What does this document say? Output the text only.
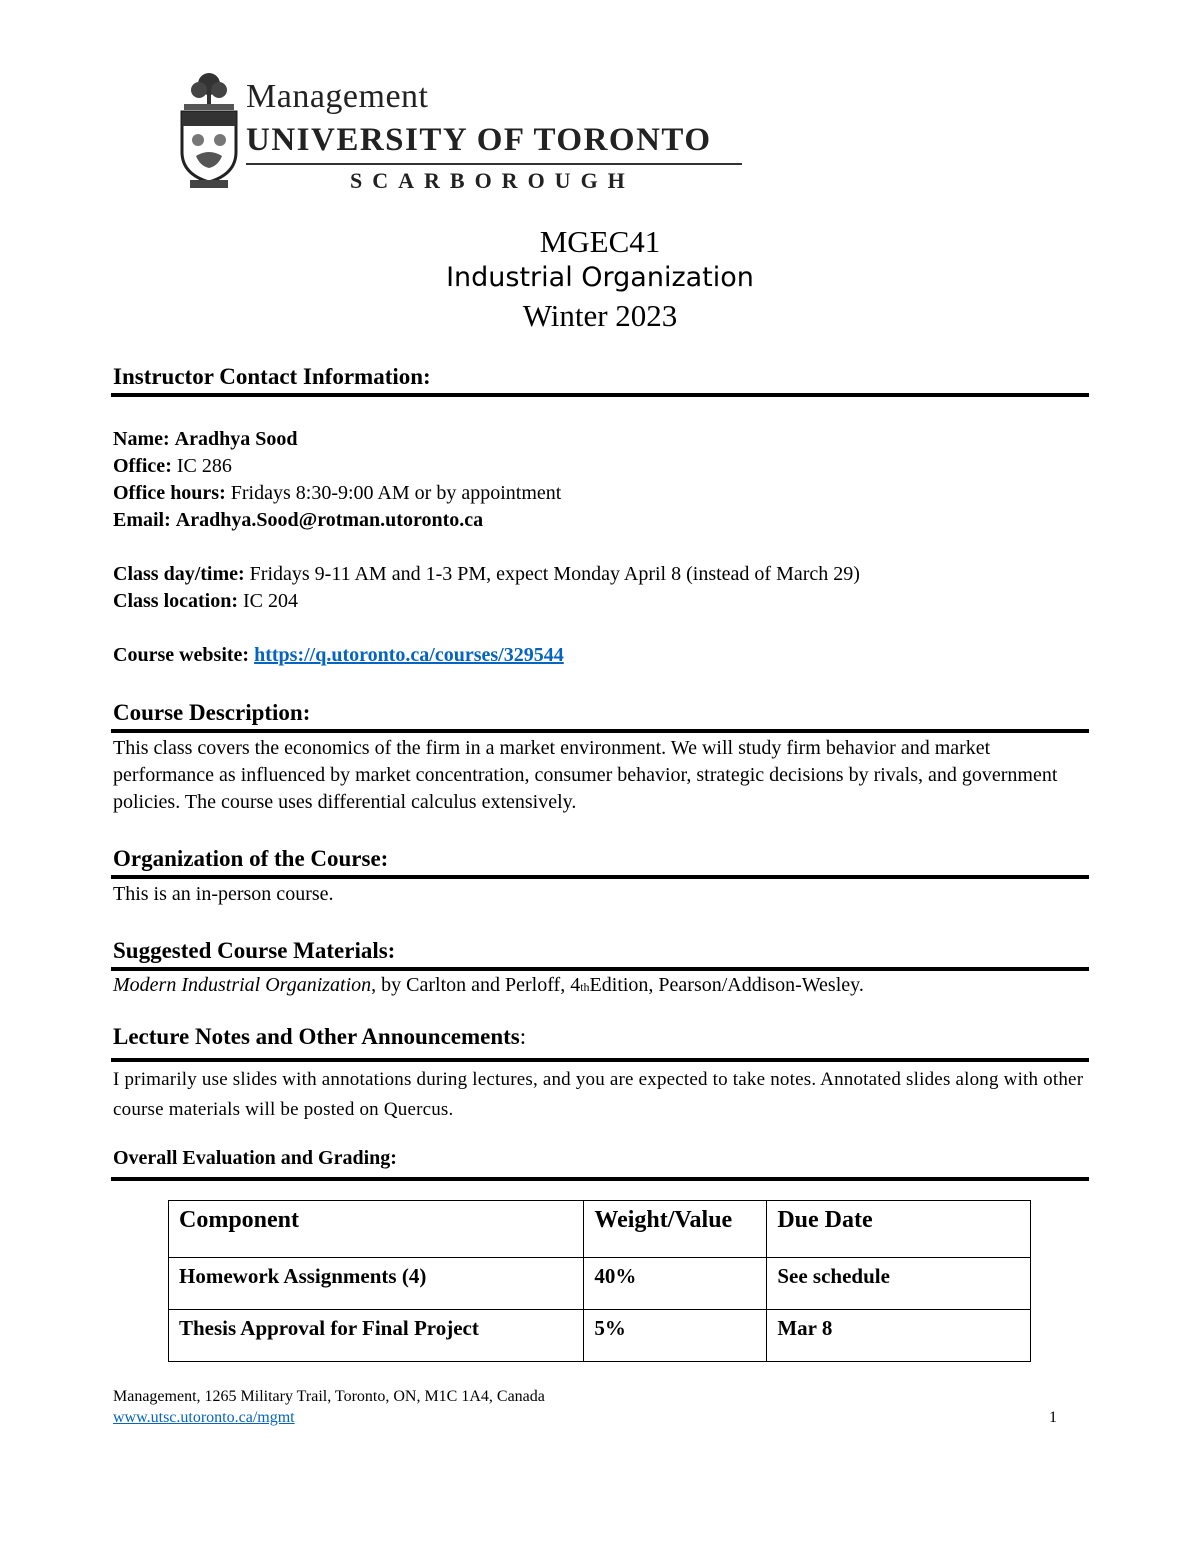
Management
UNIVERSITY OF TORONTO
SCARBOROUGH
MGEC41
Industrial Organization
Winter 2023
Instructor Contact Information:
Name: Aradhya Sood
Office: IC 286
Office hours: Fridays 8:30-9:00 AM or by appointment
Email: Aradhya.Sood@rotman.utoronto.ca
Class day/time: Fridays 9-11 AM and 1-3 PM, expect Monday April 8 (instead of March 29)
Class location: IC 204
Course website: https://q.utoronto.ca/courses/329544
Course Description:
This class covers the economics of the firm in a market environment. We will study firm behavior and market performance as influenced by market concentration, consumer behavior, strategic decisions by rivals, and government policies. The course uses differential calculus extensively.
Organization of the Course:
This is an in-person course.
Suggested Course Materials:
Modern Industrial Organization, by Carlton and Perloff, 4thEdition, Pearson/Addison-Wesley.
Lecture Notes and Other Announcements:
I primarily use slides with annotations during lectures, and you are expected to take notes. Annotated slides along with other course materials will be posted on Quercus.
Overall Evaluation and Grading:
Component	Weight/Value	Due Date
Homework Assignments (4)	40%	See schedule
Thesis Approval for Final Project	5%	Mar 8
Management, 1265 Military Trail, Toronto, ON, M1C 1A4, Canada
www.utsc.utoronto.ca/mgmt	1
